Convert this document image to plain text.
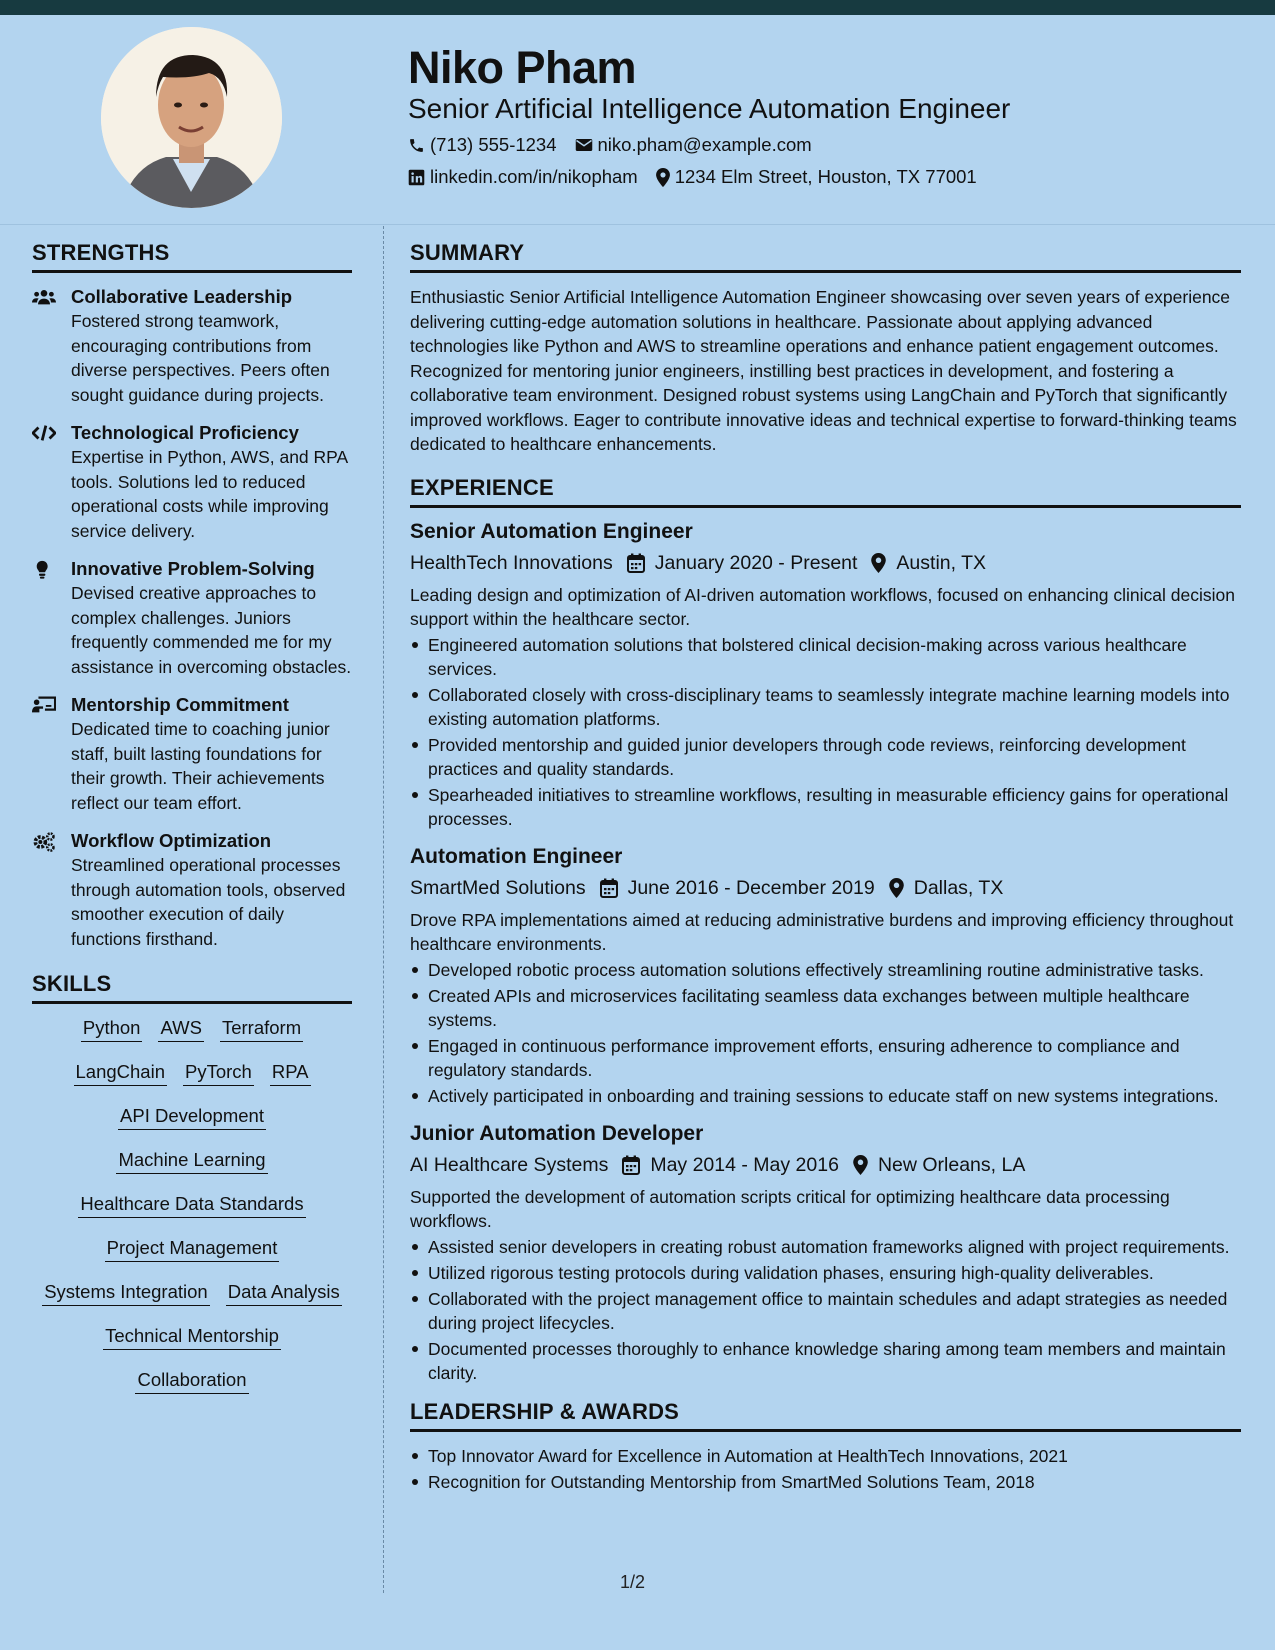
Niko Pham
Senior Artificial Intelligence Automation Engineer
(713) 555-1234 niko.pham@example.com
linkedin.com/in/nikopham 1234 Elm Street, Houston, TX 77001
STRENGTHS
Collaborative Leadership
Fostered strong teamwork, encouraging contributions from diverse perspectives. Peers often sought guidance during projects.
Technological Proficiency
Expertise in Python, AWS, and RPA tools. Solutions led to reduced operational costs while improving service delivery.
Innovative Problem-Solving
Devised creative approaches to complex challenges. Juniors frequently commended me for my assistance in overcoming obstacles.
Mentorship Commitment
Dedicated time to coaching junior staff, built lasting foundations for their growth. Their achievements reflect our team effort.
Workflow Optimization
Streamlined operational processes through automation tools, observed smoother execution of daily functions firsthand.
SKILLS
Python AWS Terraform
LangChain PyTorch RPA
API Development
Machine Learning
Healthcare Data Standards
Project Management
Systems Integration Data Analysis
Technical Mentorship
Collaboration
SUMMARY
Enthusiastic Senior Artificial Intelligence Automation Engineer showcasing over seven years of experience delivering cutting-edge automation solutions in healthcare. Passionate about applying advanced technologies like Python and AWS to streamline operations and enhance patient engagement outcomes. Recognized for mentoring junior engineers, instilling best practices in development, and fostering a collaborative team environment. Designed robust systems using LangChain and PyTorch that significantly improved workflows. Eager to contribute innovative ideas and technical expertise to forward-thinking teams dedicated to healthcare enhancements.
EXPERIENCE
Senior Automation Engineer
HealthTech Innovations January 2020 - Present Austin, TX
Leading design and optimization of AI-driven automation workflows, focused on enhancing clinical decision support within the healthcare sector.
Engineered automation solutions that bolstered clinical decision-making across various healthcare services.
Collaborated closely with cross-disciplinary teams to seamlessly integrate machine learning models into existing automation platforms.
Provided mentorship and guided junior developers through code reviews, reinforcing development practices and quality standards.
Spearheaded initiatives to streamline workflows, resulting in measurable efficiency gains for operational processes.
Automation Engineer
SmartMed Solutions June 2016 - December 2019 Dallas, TX
Drove RPA implementations aimed at reducing administrative burdens and improving efficiency throughout healthcare environments.
Developed robotic process automation solutions effectively streamlining routine administrative tasks.
Created APIs and microservices facilitating seamless data exchanges between multiple healthcare systems.
Engaged in continuous performance improvement efforts, ensuring adherence to compliance and regulatory standards.
Actively participated in onboarding and training sessions to educate staff on new systems integrations.
Junior Automation Developer
AI Healthcare Systems May 2014 - May 2016 New Orleans, LA
Supported the development of automation scripts critical for optimizing healthcare data processing workflows.
Assisted senior developers in creating robust automation frameworks aligned with project requirements.
Utilized rigorous testing protocols during validation phases, ensuring high-quality deliverables.
Collaborated with the project management office to maintain schedules and adapt strategies as needed during project lifecycles.
Documented processes thoroughly to enhance knowledge sharing among team members and maintain clarity.
LEADERSHIP & AWARDS
Top Innovator Award for Excellence in Automation at HealthTech Innovations, 2021
Recognition for Outstanding Mentorship from SmartMed Solutions Team, 2018
1/2
